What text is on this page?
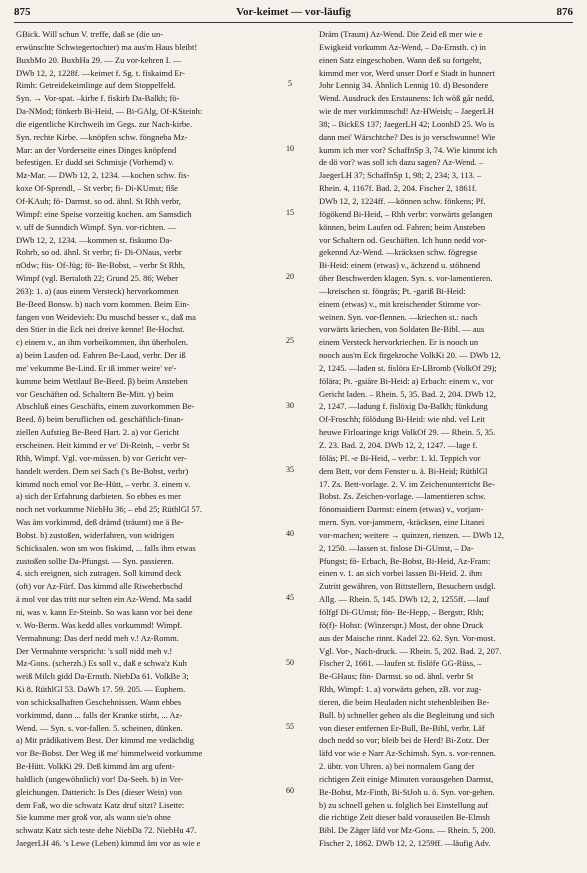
875	Vor-keimet — vor-läufig	876
GBick. Will schun V. treffe, daß se (die un-
erwünschte Schwiegertochter) ma aus'm Haus bleibt!
BuxbMo 20. BuxbHa 29. — Zu vor-kehren I. —
DWb 12, 2, 1228f. —keimet f. Sg. t. fiskaimd Er-
Rimh: Getreidekeimlinge auf dem Stoppelfeld.
Syn. → Vor-spat. –kirbe f. fiskirb Da-Balkh; fö-
Da-NMod; fönkerb Bi-Heid, — Bi-GAlg, Of-KSteinh:
die eigentliche Kirchweih im Gegs. zur Nach-kirbe.
Syn. rechte Kirbe. —knöpfen schw. föngneba Mz-
Mar: an der Vorderseite eines Dinges knöpfend
befestigen. Er dudd sei Schmisje (Vorhemd) v.
Mz-Mar. — DWb 12, 2, 1234. —kochen schw. fis-
koxe Of-Sprendl, – St verbr; fi- Di-KUmst; fiše
Of-KAuh; fö- Darmst. so od. ähnl. St Rhh verbr,
Wimpf: eine Speise vorzeitig kochen. am Samsdich
v. uff de Sunndich Wimpf. Syn. vor-richten. —
DWb 12, 2, 1234. —kommen st. fiskumo Da-
Rohrb, so od. ähnl. St verbr; fi- Di-ONaus, verbr
nOdw; füs- Of-Jüg; fö- Be-Bobst, – verbr St Rhh,
Wimpf (vgl. Bertaloth 22; Grund 25. 86; Weber
263): 1. a) (aus einem Versteck) hervorkommen
Be-Beed Bonsw. b) nach vorn kommen. Beim Ein-
fangen von Weidevieh: Du muschd besser v., daß ma
den Stier in die Eck nei dreive kenne! Be-Hochst.
c) einem v., an ihm vorbeikommen, ihn überholen.
a) beim Laufen od. Fahren Be-Laud, verbr. Der iß
me' vekumme Be-Lind. Er iß immer weire' ve'-
kumme beim Wettlauf Be-Beed. β) beim Ansteben
vor Geschäften od. Schaltern Be-Mitt. γ) beim
Abschluß eines Geschäfts, einem zuvorkommen Be-
Beed. δ) beim beruflichen od. geschäftlich-finan-
ziellen Aufstieg Be-Beed Hart. 2. a) vor Gericht
erscheinen. Heit kimmd er ve' Di-Reinh, – verbr St
Rhh, Wimpf. Vgl. vor-müssen. b) vor Gericht ver-
handelt werden. Dem sei Sach ('s Be-Bobst, verbr)
kimmd noch emol vor Be-Hütt, – verbr. 3. einem v.
a) sich der Erfahrung darbieten. So ebbes es mer
noch net vorkumme NiebHu 36; – ebd 25; RüthlGl 57.
Was äm vorkimmd, deß drämd (träumt) me ä Be-
Bobst. b) zustoßen, widerfahren, von widrigen
Schicksalen. won sm wos fiskimd, ... falls ihm etwas
zustoßen sollte Da-Pfungst. — Syn. passieren.
4. sich ereignen, sich zutragen. Soll kimmd deck
(oft) vor Az-Fürf. Das kimmd alle Riweherbschd
ä mol vor das tritt nur selten ein Az-Wend. Ma sadd
ni, was v. kann Er-Steinb. So was kann vor bei dene
v. Wo-Berm. Was kedd alles vorkummd! Wimpf.
Vermahnung: Das derf nedd meh v.! Az-Romm.
Der Vermahnte verspricht: 's soll nidd meh v.!
Mz-Gons. (scherzh.) Es soll v., daß e schwa'z Kuh
weiß Milch gidd Da-Ernsth. NiebDa 61. VolkBe 3;
Ki 8. RüthlGl 53. DaWb 17. 59. 205. — Euphem.
von schicksalhaften Geschehnissen. Wann ebbes
vorkimmd, dann ... falls der Kranke stirbt, ... Az-
Wend. — Syn. s. vor-fallen. 5. scheinen, dünken.
a) Mit prädikativem Best. Der kimmd me vedächdig
vor Be-Bobst. Der Weg iß me' himmelweid vorkumme
Be-Hütt. VolkKi 29. Deß kimmd äm arg ufent-
haldlich (ungewöhnlich) vor! Da-Seeh. b) in Ver-
gleichungen. Datterich: Is Des (dieser Wein) von
dem Faß, wo die schwatz Katz druf sitzt? Lisette:
Sie kumme mer groß vor, als wann sie'n ohne
schwatz Katz sich teste dehe NiebDa 72. NiebHu 47.
JaegerLH 46. 's Lewe (Leben) kimmd äm vor as wie e
5
10
15
20
25
30
35
40
45
50
55
60
Dräm (Traum) Az-Wend. Die Zeid eß mer wie e
Ewigkeid vorkumm Az-Wend, – Da-Ernsth. c) in
einen Satz eingeschoben. Wann deß su fortgeht,
kimmd mer vor, Werd unser Dorf e Stadt in hunnert
Johr Lennig 34. Ähnlich Lennig 10. d) Besondere
Wend. Ausdruck des Erstaunens: Ich wöß går nedd,
wie de mer vorkimmschd! Az-HWeish; – JaegerLH
38; – BickES 137; JaegerLH 42; LoonhD 25. Wo is
dann mei' Wärschtche? Des is jo verschwunne! Wie
kumm ich mer vor? SchaffnSp 3, 74. Wie kimmt ich
de dö vor? was soll ich dazu sagen? Az-Wend. –
JaegerLH 37; SchaffnSp 1, 98; 2, 234; 3, 113. –
Rhein. 4, 1167f. Bad. 2, 204. Fischer 2, 1861f.
DWb 12, 2, 1224ff. —können schw. fönkens; Pf.
fögökend Bi-Heid, – Rhh verbr: vorwärts gelangen
können, beim Laufen od. Fahren; beim Ansteben
vor Schaltern od. Geschäften. Ich hunn nedd vor-
gekennd Az-Wend. —kräcksen schw. fögregse
Bi-Heid: einem (etwas) v., ächzend u. stöhnend
über Beschwerden klagen. Syn. s. vor-lamentieren.
—kreischen st. föngräs; Pt. -gariß Bi-Heid:
einem (etwas) v., mit kreischender Stimme vor-
weinen. Syn. vor-flennen. —kriechen st.: nach
vorwärts kriechen, von Soldaten Be-Bibl. — aus
einem Versteck hervorkriechen. Er is nooch un
nooch aus'm Eck firgekroche VolkKi 20. — DWb 12,
2, 1245. —laden st. fislöra Er-LBromb (VolkOf 29);
fölära; Pt. -gsiäre Bi-Heid: a) Erbach: einem v., vor
Gericht laden. – Rhein. 5, 35. Bad. 2, 204. DWb 12,
2, 1247. —ladung f. fislöxig Da-Balkh; fünkdung
Of-Froschh; fölödung Bi-Heid: wie nhd. vel Leit
heuwe Firloaringe krigt VolkOf 29. — Rhein. 5, 35.
Z. 23. Bad. 2, 204. DWb 12, 2, 1247. —lage f.
föläs; Pl. -e Bi-Heid, – verbr: 1. kl. Teppich vor
dem Bett, vor dem Fenster u. ä. Bi-Heid; RüthlGl
17. Zs. Bett-vorlage. 2. V. im Zeichenunterricht Be-
Bobst. Zs. Zeichen-vorlage. —lamentieren schw.
fönomaidiern Darmst: einem (etwas) v., vorjam-
mern. Syn. vor-jammern, -kräcksen, eine Litanei
vor-machen; weitere → quinzen, rienzen. — DWb 12,
2, 1250. —lassen st. fislose Di-GUmst, – Da-
Pfungst; fö- Erbach, Be-Bobst, Bi-Heid, Az-Fram:
einen v. 1. an sich vorbei lassen Bi-Heid. 2. ihm
Zutritt gewähren, von Bittstellern, Besuchern usdgl.
Allg. — Rhein. 5, 145. DWb 12, 2, 1255ff. —lauf
fölfgf Di-GUmst; fön- Be-Hepp, – Bergstr, Rhh;
fö(f)- Hohst: (Winzerspr.) Most, der ohne Druck
aus der Maische rinnt. Kadel 22. 62. Syn. Vor-most.
Vgl. Vor-, Nach-druck. — Rhein. 5, 202. Bad. 2, 207.
Fischer 2, 1661. —laufen st. fislöfe GG-Rüss, –
Be-GHaus; fön- Darmst. so od. ähnl. verbr St
Rhh, Wimpf: 1. a) vorwärts gehen, zB. vor zug-
tieren, die beim Heuladen nicht stehenbleiben Be-
Bull. b) schneller gehen als die Begleitung und sich
von dieser entfernen Er-Bull, Be-Bibl, verbr. Läf
doch nedd so vor; bleib bei de Herd! Bi-Zotz. Der
läfd vor wie e Narr Az-Schimsh. Syn. s. vor-rennen.
2. übtr. von Uhren. a) bei normalem Gang der
richtigen Zeit einige Minuten vorausgehen Darmst,
Be-Bobst, Mz-Finth, Bi-StJoh u. ö. Syn. vor-gehen.
b) zu schnell gehen u. folglich bei Einstellung auf
die richtige Zeit dieser bald vorauseilen Be-Elmsh
Bibl. De Zäger läfd vor Mz-Gons. — Rhein. 5, 200.
Fischer 2, 1862. DWb 12, 2, 1259ff. —läufig Adv.
